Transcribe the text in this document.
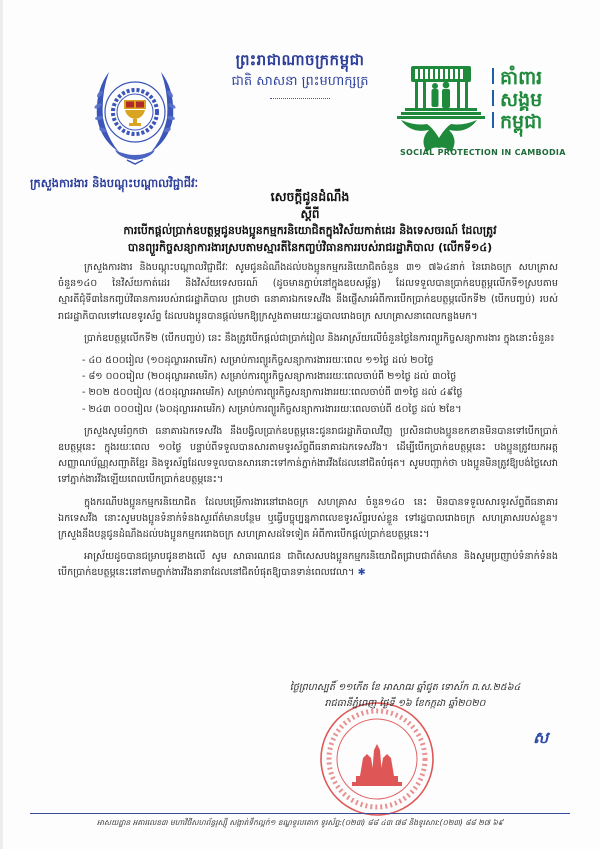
ព្រះរាជាណាចក្រកម្ពុជា
ជាតិ សាសនា ព្រះមហាក្សត្រ	គាំពារ
សង្គម
កម្ពុជា
SOCIAL PROTECTION IN CAMBODIA
ក្រសួងការងារ និងបណ្តុះបណ្តាលវិជ្ជាជីវៈ
សេចក្តីជូនដំណឹង
ស្តីពី
ការបើកផ្តល់ប្រាក់ឧបត្ថម្ភជូនបងប្អូនកម្មករនិយោជិតក្នុងវិស័យកាត់ដេរ និងទេសចរណ៍ ដែលត្រូវ
បានព្យួរកិច្ចសន្យាការងារស្របតាមស្មារតីនៃកញ្ចប់វិធានការរបស់រាជរដ្ឋាភិបាល (លើកទី១៤)

ក្រសួងការងារ និងបណ្តុះបណ្តាលវិជ្ជាជីវៈ សូមជូនដំណឹងដល់បងប្អូនកម្មករនិយោជិតចំនួន ៣១ ៧៦៤នាក់ នៃរោងចក្រ សហគ្រាស ចំនួន១៤០ នៃវិស័យកាត់ដេរ និងវិស័យទេសចរណ៍ (ដូចមានភ្ជាប់នៅក្នុងឧបសម្ព័ន្ធ) ដែលទទួលបានប្រាក់ឧបត្ថម្ភលើកទី១ស្របតាមស្មារតីជុំទី៣នៃកញ្ចប់វិធានការរបស់រាជរដ្ឋាភិបាល ជ្រាបថា ធនាគារឯកទេសវីង នឹងផ្ញើសារអំពីការបើកប្រាក់ឧបត្ថម្ភលើកទី២ (បើកបញ្ចប់) របស់រាជរដ្ឋាភិបាលទៅលេខទូរស័ព្ទ ដែលបងប្អូនបានផ្តល់មកឱ្យក្រសួងតាមរយៈរដ្ឋបាលរោងចក្រ សហគ្រាសនាពេលកន្លងមក។

ប្រាក់ឧបត្ថម្ភលើកទី២ (បើកបញ្ចប់) នេះ នឹងត្រូវបើកផ្តល់ជាប្រាក់រៀល និងអាស្រ័យលើចំនួនថ្ងៃនៃការព្យួរកិច្ចសន្យាការងារ ក្នុងនោះចំនួន៖

- ៤០ ៥០០រៀល (១០ដុល្លារអាមេរិក) សម្រាប់ការព្យួរកិច្ចសន្យាការងាររយៈពេល ១១ថ្ងៃ ដល់ ២០ថ្ងៃ
- ៨១ ០០០រៀល (២០ដុល្លារអាមេរិក) សម្រាប់ការព្យួរកិច្ចសន្យាការងាររយៈពេលចាប់ពី ២១ថ្ងៃ ដល់ ៣០ថ្ងៃ
- ២០២ ៥០០រៀល (៥០ដុល្លារអាមេរិក) សម្រាប់ការព្យួរកិច្ចសន្យាការងាររយៈពេលចាប់ពី ៣១ថ្ងៃ ដល់ ៤៩ថ្ងៃ
- ២៤៣ ០០០រៀល (៦០ដុល្លារអាមេរិក) សម្រាប់ការព្យួរកិច្ចសន្យាការងាររយៈពេលចាប់ពី ៥០ថ្ងៃ ដល់ ២ខែ។

ក្រសួងសូមរំឭកថា ធនាគារឯកទេសវីង នឹងបង្វិលប្រាក់ឧបត្ថម្ភនេះជូនរាជរដ្ឋាភិបាលវិញ ប្រសិនជាបងប្អូនខកខានមិនបានទៅបើកប្រាក់ឧបត្ថម្ភនេះ ក្នុងរយៈពេល ១០ថ្ងៃ បន្ទាប់ពីទទួលបានសារតាមទូរស័ព្ទពីធនាគារឯកទេសវីង។ ដើម្បីបើកប្រាក់ឧបត្ថម្ភនេះ បងប្អូនត្រូវយកអត្តសញ្ញាណប័ណ្ណសញ្ជាតិខ្មែរ និងទូរស័ព្ទដែលទទួលបានសារនោះទៅកាន់ភ្នាក់ងារវីងដែលនៅជិតបំផុត។ សូមបញ្ជាក់ថា បងប្អូនមិនត្រូវឱ្យបង់ថ្លៃសេវាទៅភ្នាក់ងារវីងឡើយពេលបើកប្រាក់ឧបត្ថម្ភនេះ។

ក្នុងករណីបងប្អូនកម្មករនិយោជិត ដែលបម្រើការងារនៅរោងចក្រ សហគ្រាស ចំនួន១៤០ នេះ មិនបានទទួលសារទូរស័ព្ទពីធនាគារឯកទេសវីង នោះសូមបងប្អូនទំនាក់ទំនងសួរព័ត៌មានបន្ថែម ឬធ្វើបច្ចុប្បន្នភាពលេខទូរស័ព្ទរបស់ខ្លួន ទៅរដ្ឋបាលរោងចក្រ សហគ្រាសរបស់ខ្លួន។ ក្រសួងនឹងបន្តជូនដំណឹងដល់បងប្អូនកម្មកររោងចក្រ សហគ្រាសដទៃទៀត អំពីការបើកផ្តល់ប្រាក់ឧបត្ថម្ភនេះ។

អាស្រ័យដូចបានជម្រាបជូនខាងលើ សូម សាធារណជន ជាពិសេសបងប្អូនកម្មករនិយោជិតជ្រាបជាព័ត៌មាន និងសូមប្រញាប់ទំនាក់ទំនងបើកប្រាក់ឧបត្ថម្ភនេះនៅតាមភ្នាក់ងារវីងនានាដែលនៅជិតបំផុតឱ្យបានទាន់ពេលវេលា។ ✱

ថ្ងៃព្រហស្បតិ៍ ១១កើត ខែ អាសាឍ ឆ្នាំជូត ទោស័ក ព.ស.២៥៦៤
រាជធានីភ្នំពេញ ថ្ងៃទី ១៦ ខែកក្កដា ឆ្នាំ២០២០
ស
អាសយដ្ឋាន អគារលេខ៣ មហាវិថីសហព័ន្ធរុស្ស៊ី សង្កាត់ទឹកល្អក់១ ខណ្ឌទួលគោក ទូរស័ព្ទ:(០២៣) ៨៨ ៤៣ ៧៨ និងទូរសារ:(០២៣) ៨៨ ២៧ ៦៩
